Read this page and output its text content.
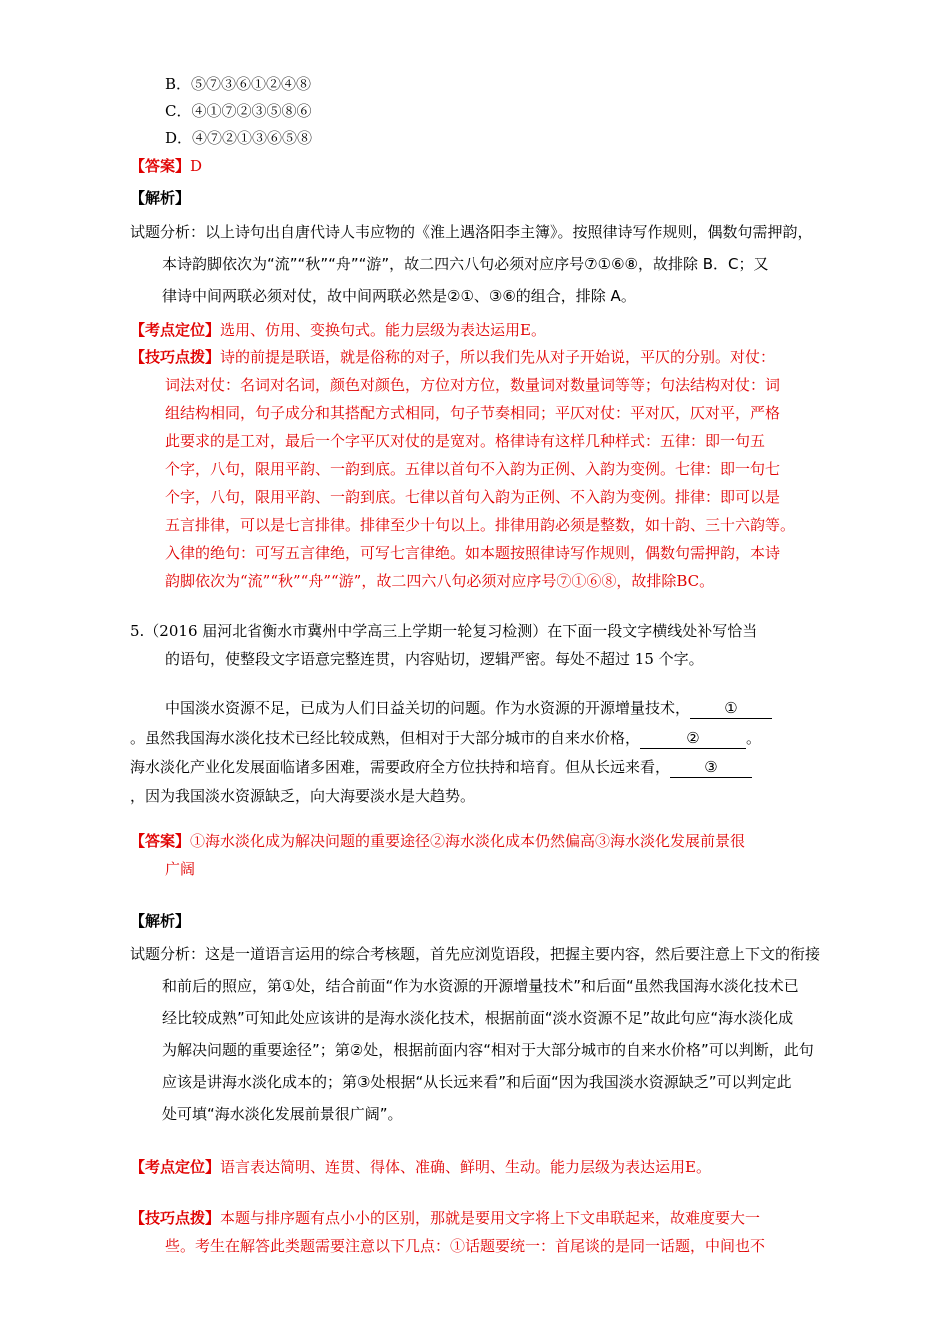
B．⑤⑦③⑥①②④⑧
C．④①⑦②③⑤⑧⑥
D．④⑦②①③⑥⑤⑧
【答案】D
【解析】
试题分析：以上诗句出自唐代诗人韦应物的《淮上遇洛阳李主簿》。按照律诗写作规则，偶数句需押韵，
本诗韵脚依次为“流”“秋”“舟”“游”，故二四六八句必须对应序号⑦①⑥⑧，故排除 B．C；又
律诗中间两联必须对仗，故中间两联必然是②①、③⑥的组合，排除 A。
【考点定位】选用、仿用、变换句式。能力层级为表达运用E。
【技巧点拨】诗的前提是联语，就是俗称的对子，所以我们先从对子开始说，平仄的分别。对仗：
词法对仗：名词对名词，颜色对颜色，方位对方位，数量词对数量词等等；句法结构对仗：词
组结构相同，句子成分和其搭配方式相同，句子节奏相同；平仄对仗：平对仄，仄对平，严格
此要求的是工对，最后一个字平仄对仗的是宽对。格律诗有这样几种样式：五律：即一句五
个字，八句，限用平韵、一韵到底。五律以首句不入韵为正例、入韵为变例。七律：即一句七
个字，八句，限用平韵、一韵到底。七律以首句入韵为正例、不入韵为变例。排律：即可以是
五言排律，可以是七言排律。排律至少十句以上。排律用韵必须是整数，如十韵、三十六韵等。
入律的绝句：可写五言律绝，可写七言律绝。如本题按照律诗写作规则，偶数句需押韵，本诗
韵脚依次为“流”“秋”“舟”“游”，故二四六八句必须对应序号⑦①⑥⑧，故排除BC。
5.（2016 届河北省衡水市冀州中学高三上学期一轮复习检测）在下面一段文字横线处补写恰当
的语句，使整段文字语意完整连贯，内容贴切，逻辑严密。每处不超过 15 个字。
中国淡水资源不足，已成为人们日益关切的问题。作为水资源的开源增量技术， ①
。虽然我国海水淡化技术已经比较成熟，但相对于大部分城市的自来水价格，	②	。
海水淡化产业化发展面临诸多困难，需要政府全方位扶持和培育。但从长远来看， ③
，因为我国淡水资源缺乏，向大海要淡水是大趋势。
【答案】①海水淡化成为解决问题的重要途径②海水淡化成本仍然偏高③海水淡化发展前景很
广阔
【解析】
试题分析：这是一道语言运用的综合考核题，首先应浏览语段，把握主要内容，然后要注意上下文的衔接
和前后的照应，第①处，结合前面“作为水资源的开源增量技术”和后面“虽然我国海水淡化技术已
经比较成熟”可知此处应该讲的是海水淡化技术，根据前面“淡水资源不足”故此句应“海水淡化成
为解决问题的重要途径”；第②处，根据前面内容“相对于大部分城市的自来水价格”可以判断，此句
应该是讲海水淡化成本的；第③处根据“从长远来看”和后面“因为我国淡水资源缺乏”可以判定此
处可填“海水淡化发展前景很广阔”。
【考点定位】语言表达简明、连贯、得体、准确、鲜明、生动。能力层级为表达运用E。
【技巧点拨】本题与排序题有点小小的区别，那就是要用文字将上下文串联起来，故难度要大一
些。考生在解答此类题需要注意以下几点：①话题要统一：首尾谈的是同一话题，中间也不
